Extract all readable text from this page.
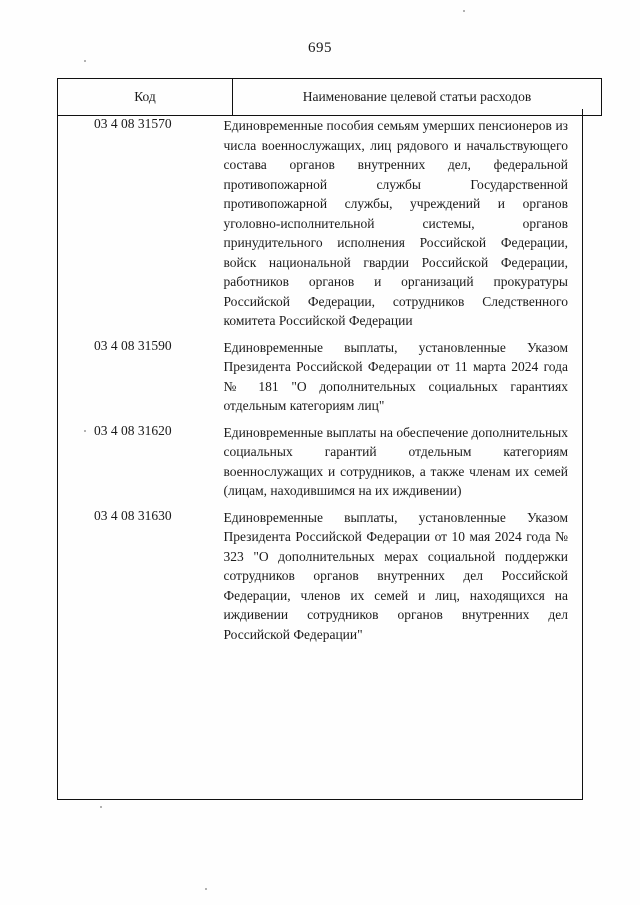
695
Код	Наименование целевой статьи расходов
03 4 08 31570	Единовременные пособия семьям умерших пенсионеров из числа военнослужащих, лиц рядового и начальствующего состава органов внутренних дел, федеральной противопожарной службы Государственной противопожарной службы, учреждений и органов уголовно-исполнительной системы, органов принудительного исполнения Российской Федерации, войск национальной гвардии Российской Федерации, работников органов и организаций прокуратуры Российской Федерации, сотрудников Следственного комитета Российской Федерации
03 4 08 31590	Единовременные выплаты, установленные Указом Президента Российской Федерации от 11 марта 2024 года № 181 "О дополнительных социальных гарантиях отдельным категориям лиц"
03 4 08 31620	Единовременные выплаты на обеспечение дополнительных социальных гарантий отдельным категориям военнослужащих и сотрудников, а также членам их семей (лицам, находившимся на их иждивении)
03 4 08 31630	Единовременные выплаты, установленные Указом Президента Российской Федерации от 10 мая 2024 года № 323 "О дополнительных мерах социальной поддержки сотрудников органов внутренних дел Российской Федерации, членов их семей и лиц, находящихся на иждивении сотрудников органов внутренних дел Российской Федерации"
